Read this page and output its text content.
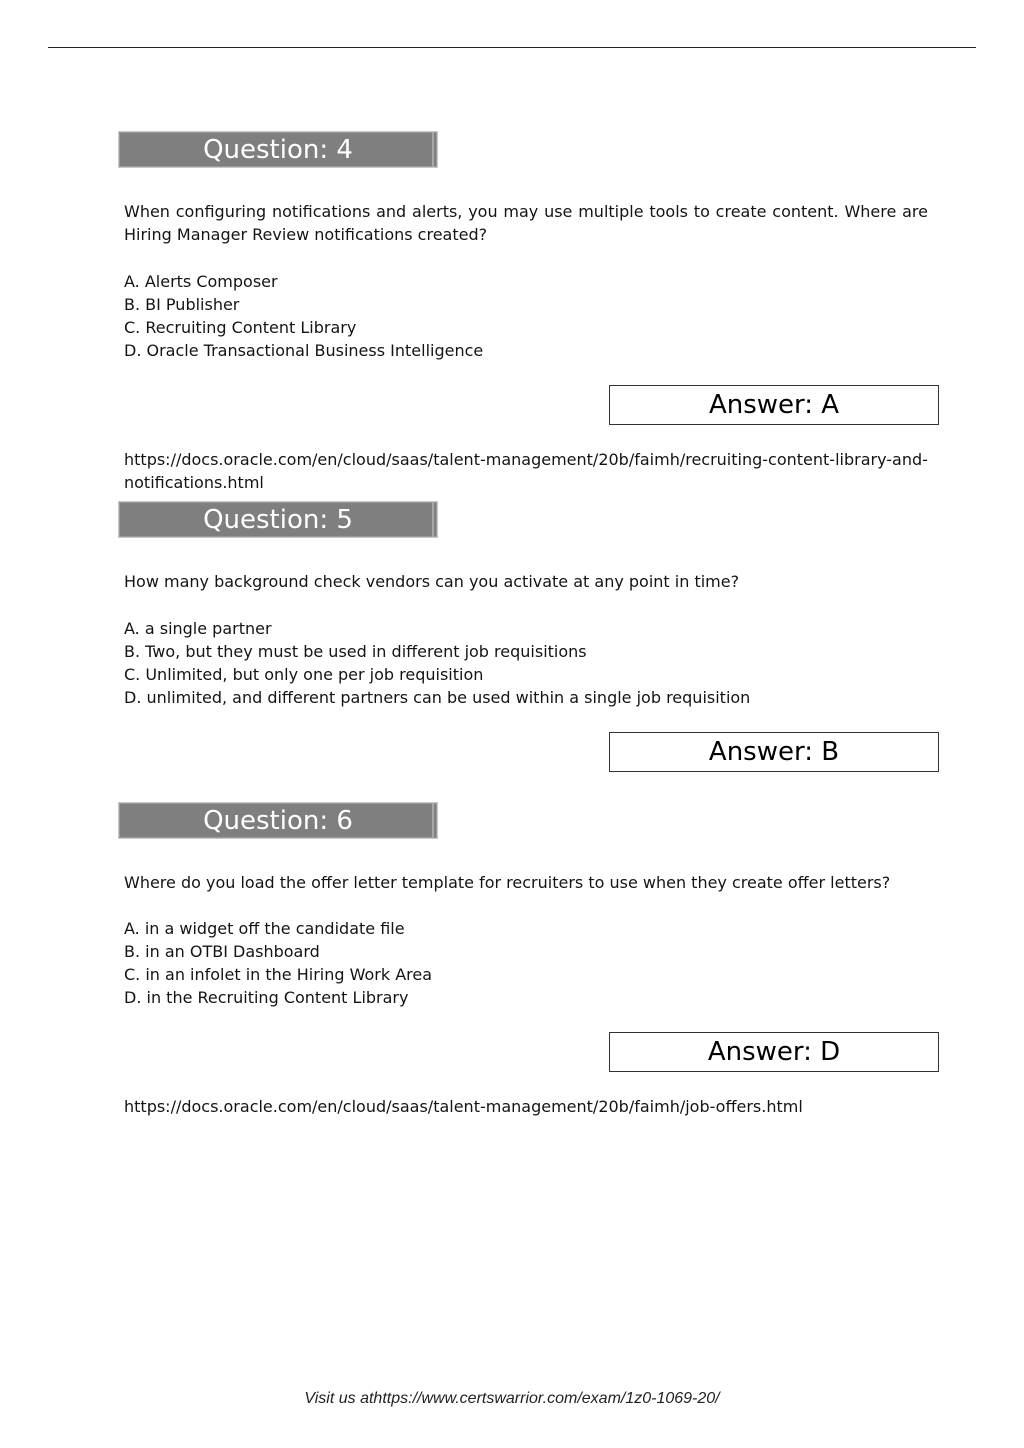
Question: 4
When configuring notifications and alerts, you may use multiple tools to create content. Where are Hiring Manager Review notifications created?
A. Alerts Composer
B. BI Publisher
C. Recruiting Content Library
D. Oracle Transactional Business Intelligence
Answer: A
https://docs.oracle.com/en/cloud/saas/talent-management/20b/faimh/recruiting-content-library-and-notifications.html
Question: 5
How many background check vendors can you activate at any point in time?
A. a single partner
B. Two, but they must be used in different job requisitions
C. Unlimited, but only one per job requisition
D. unlimited, and different partners can be used within a single job requisition
Answer: B
Question: 6
Where do you load the offer letter template for recruiters to use when they create offer letters?
A. in a widget off the candidate file
B. in an OTBI Dashboard
C. in an infolet in the Hiring Work Area
D. in the Recruiting Content Library
Answer: D
https://docs.oracle.com/en/cloud/saas/talent-management/20b/faimh/job-offers.html
Visit us athttps://www.certswarrior.com/exam/1z0-1069-20/
